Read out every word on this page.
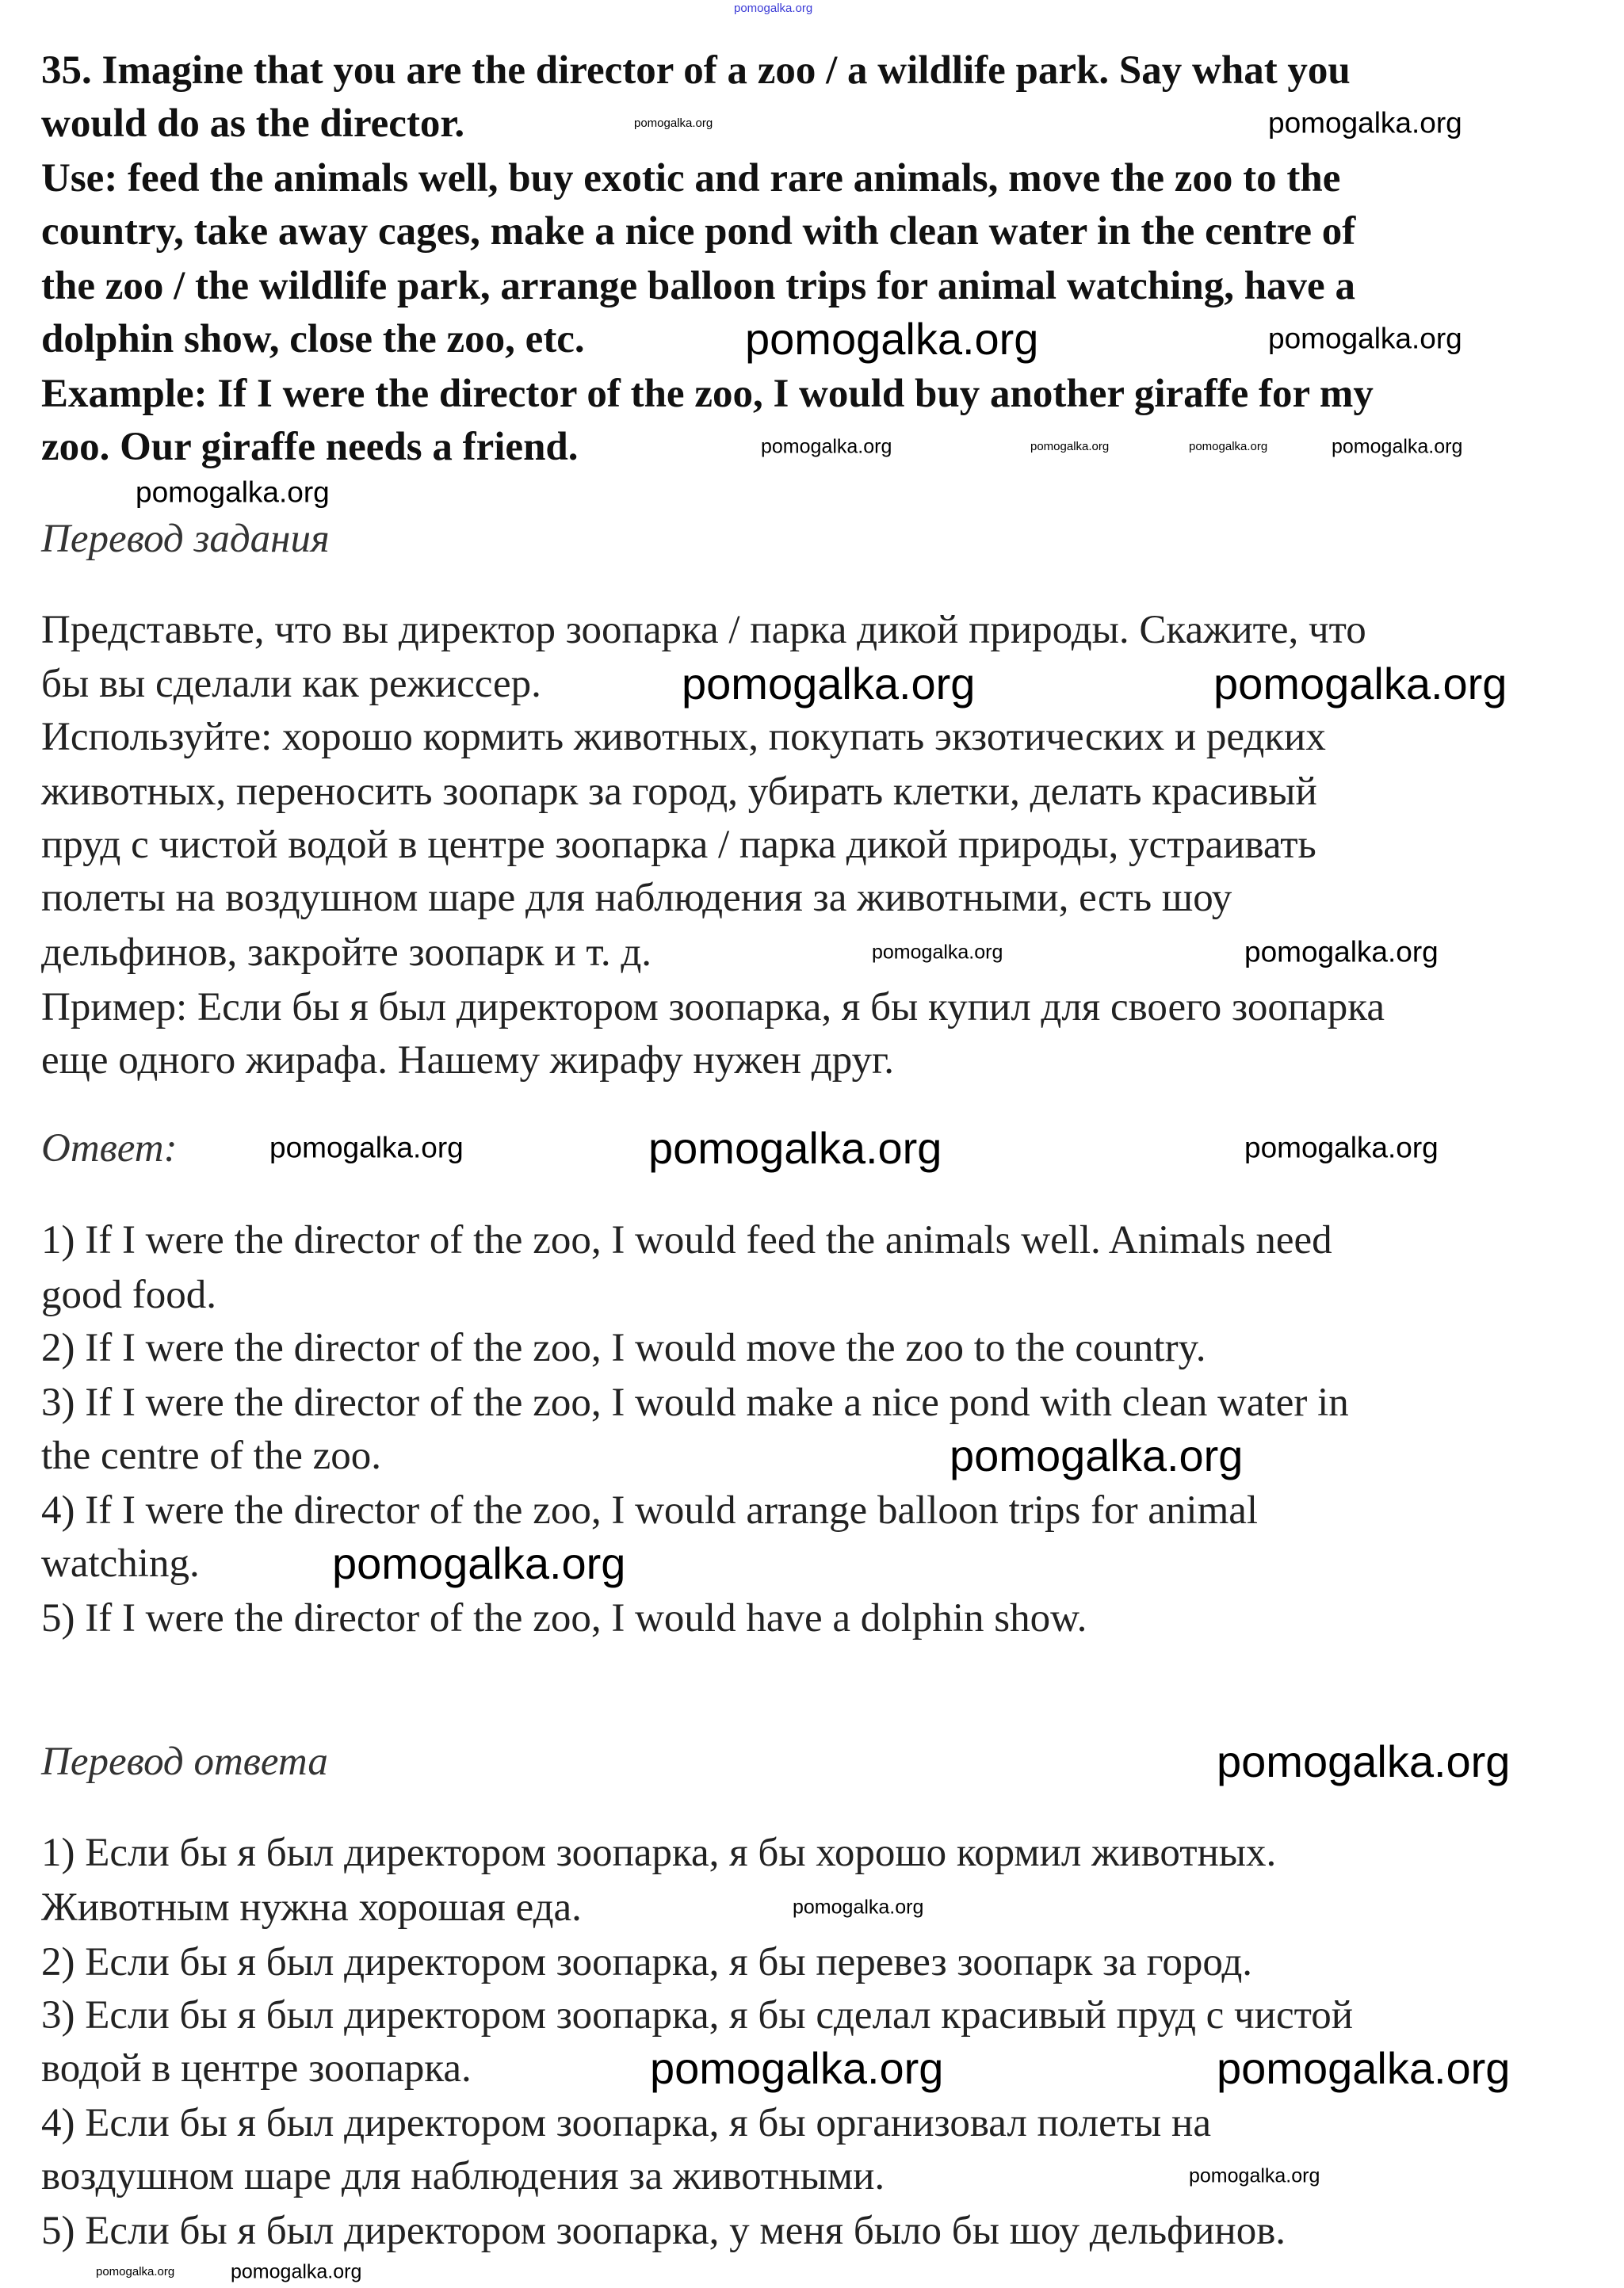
35. Imagine that you are the director of a zoo / a wildlife park. Say what you
would do as the director.
Use: feed the animals well, buy exotic and rare animals, move the zoo to the
country, take away cages, make a nice pond with clean water in the centre of
the zoo / the wildlife park, arrange balloon trips for animal watching, have a
dolphin show, close the zoo, etc.
Example: If I were the director of the zoo, I would buy another giraffe for my
zoo. Our giraffe needs a friend.
Перевод задания
Представьте, что вы директор зоопарка / парка дикой природы. Скажите, что
бы вы сделали как режиссер.
Используйте: хорошо кормить животных, покупать экзотических и редких
животных, переносить зоопарк за город, убирать клетки, делать красивый
пруд с чистой водой в центре зоопарка / парка дикой природы, устраивать
полеты на воздушном шаре для наблюдения за животными, есть шоу
дельфинов, закройте зоопарк и т. д.
Пример: Если бы я был директором зоопарка, я бы купил для своего зоопарка
еще одного жирафа. Нашему жирафу нужен друг.
Ответ:
1) If I were the director of the zoo, I would feed the animals well. Animals need
good food.
2) If I were the director of the zoo, I would move the zoo to the country.
3) If I were the director of the zoo, I would make a nice pond with clean water in
the centre of the zoo.
4) If I were the director of the zoo, I would arrange balloon trips for animal
watching.
5) If I were the director of the zoo, I would have a dolphin show.
Перевод ответа
1) Если бы я был директором зоопарка, я бы хорошо кормил животных.
Животным нужна хорошая еда.
2) Если бы я был директором зоопарка, я бы перевез зоопарк за город.
3) Если бы я был директором зоопарка, я бы сделал красивый пруд с чистой
водой в центре зоопарка.
4) Если бы я был директором зоопарка, я бы организовал полеты на
воздушном шаре для наблюдения за животными.
5) Если бы я был директором зоопарка, у меня было бы шоу дельфинов.
pomogalka.org
pomogalka.org	pomogalka.org
pomogalka.org	pomogalka.org
pomogalka.org	pomogalka.org	pomogalka.org	pomogalka.org
pomogalka.org
pomogalka.org	pomogalka.org
pomogalka.org	pomogalka.org
pomogalka.org	pomogalka.org	pomogalka.org
pomogalka.org
pomogalka.org
pomogalka.org
pomogalka.org
pomogalka.org	pomogalka.org
pomogalka.org
pomogalka.org	pomogalka.org
